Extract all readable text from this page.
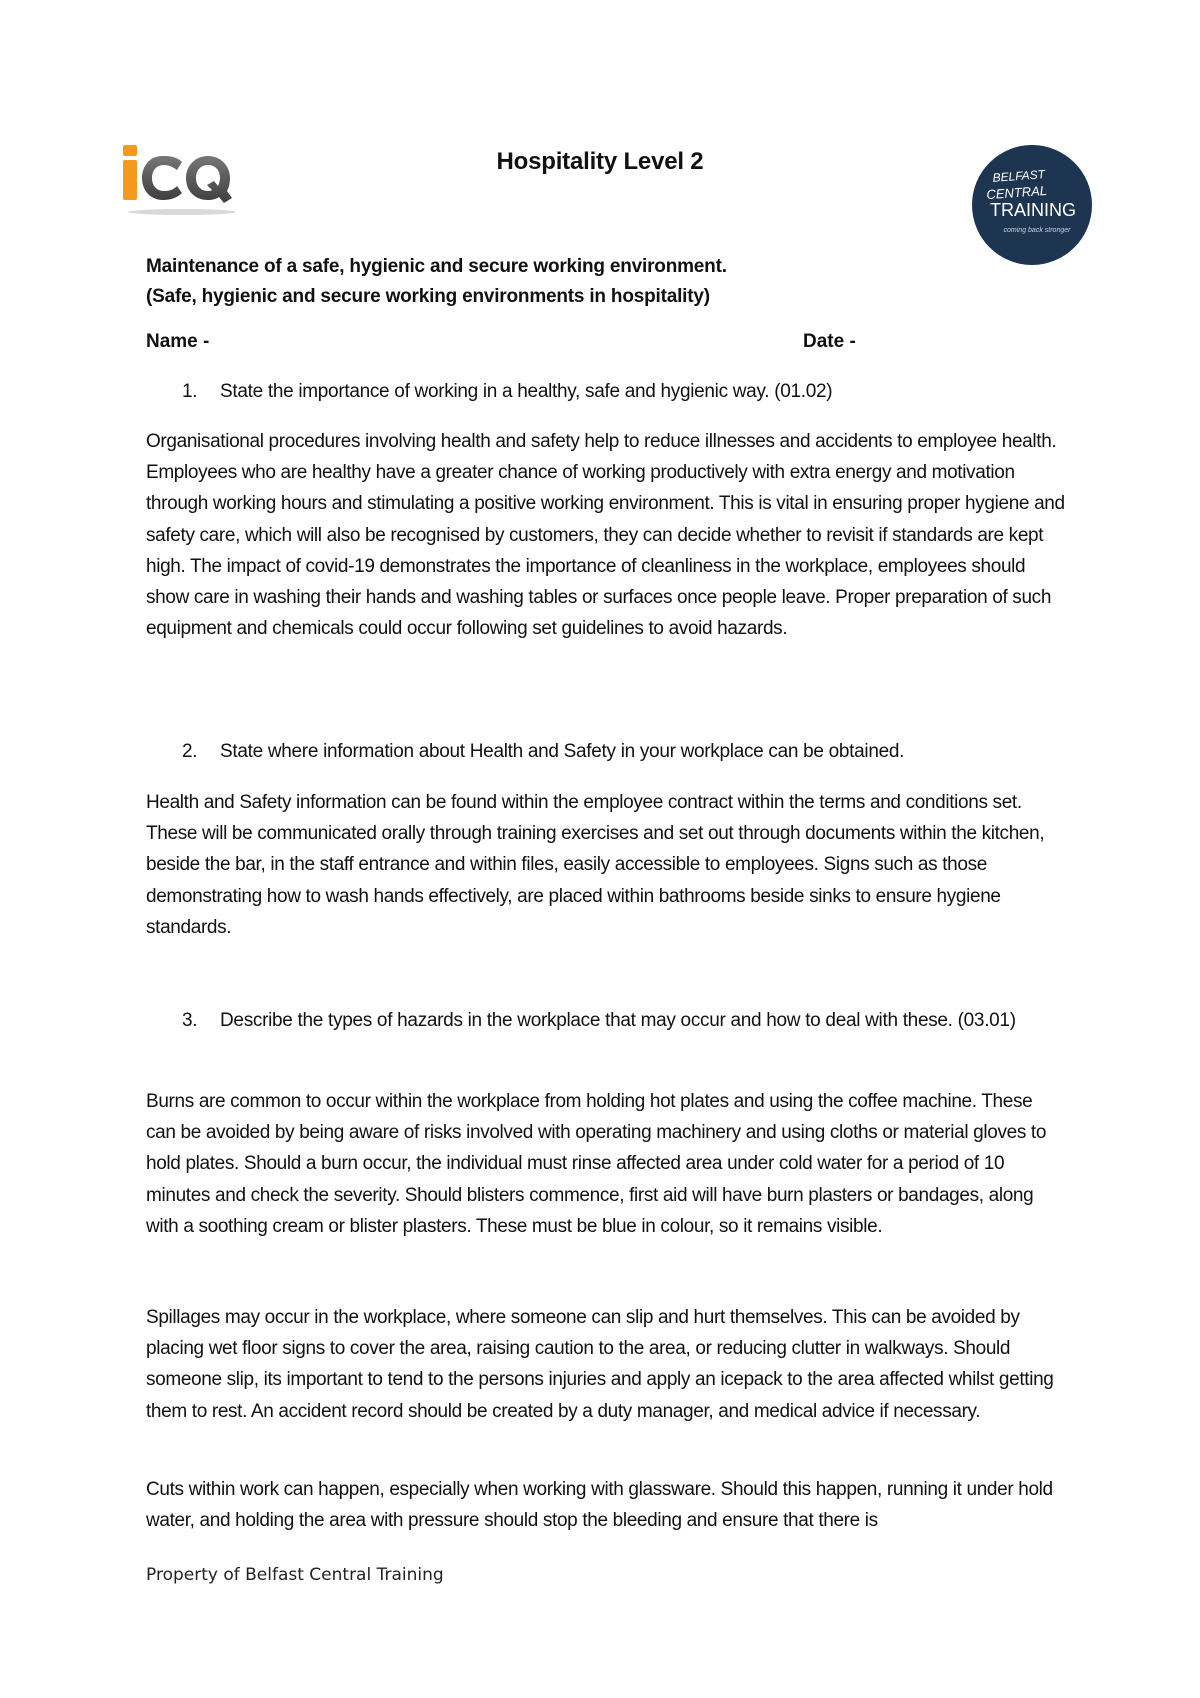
Hospitality Level 2
BELFAST
CENTRAL
TRAINING
coming back stronger
Maintenance of a safe, hygienic and secure working environment.
(Safe, hygienic and secure working environments in hospitality)
Name -	Date -
1. State the importance of working in a healthy, safe and hygienic way. (01.02)

Organisational procedures involving health and safety help to reduce illnesses and accidents to employee health. Employees who are healthy have a greater chance of working productively with extra energy and motivation through working hours and stimulating a positive working environment. This is vital in ensuring proper hygiene and safety care, which will also be recognised by customers, they can decide whether to revisit if standards are kept high. The impact of covid-19 demonstrates the importance of cleanliness in the workplace, employees should show care in washing their hands and washing tables or surfaces once people leave. Proper preparation of such equipment and chemicals could occur following set guidelines to avoid hazards.

2. State where information about Health and Safety in your workplace can be obtained.

Health and Safety information can be found within the employee contract within the terms and conditions set. These will be communicated orally through training exercises and set out through documents within the kitchen, beside the bar, in the staff entrance and within files, easily accessible to employees. Signs such as those demonstrating how to wash hands effectively, are placed within bathrooms beside sinks to ensure hygiene standards.

3. Describe the types of hazards in the workplace that may occur and how to deal with these. (03.01)

Burns are common to occur within the workplace from holding hot plates and using the coffee machine. These can be avoided by being aware of risks involved with operating machinery and using cloths or material gloves to hold plates. Should a burn occur, the individual must rinse affected area under cold water for a period of 10 minutes and check the severity. Should blisters commence, first aid will have burn plasters or bandages, along with a soothing cream or blister plasters. These must be blue in colour, so it remains visible.

Spillages may occur in the workplace, where someone can slip and hurt themselves. This can be avoided by placing wet floor signs to cover the area, raising caution to the area, or reducing clutter in walkways. Should someone slip, its important to tend to the persons injuries and apply an icepack to the area affected whilst getting them to rest. An accident record should be created by a duty manager, and medical advice if necessary.

Cuts within work can happen, especially when working with glassware. Should this happen, running it under hold water, and holding the area with pressure should stop the bleeding and ensure that there is

Property of Belfast Central Training
